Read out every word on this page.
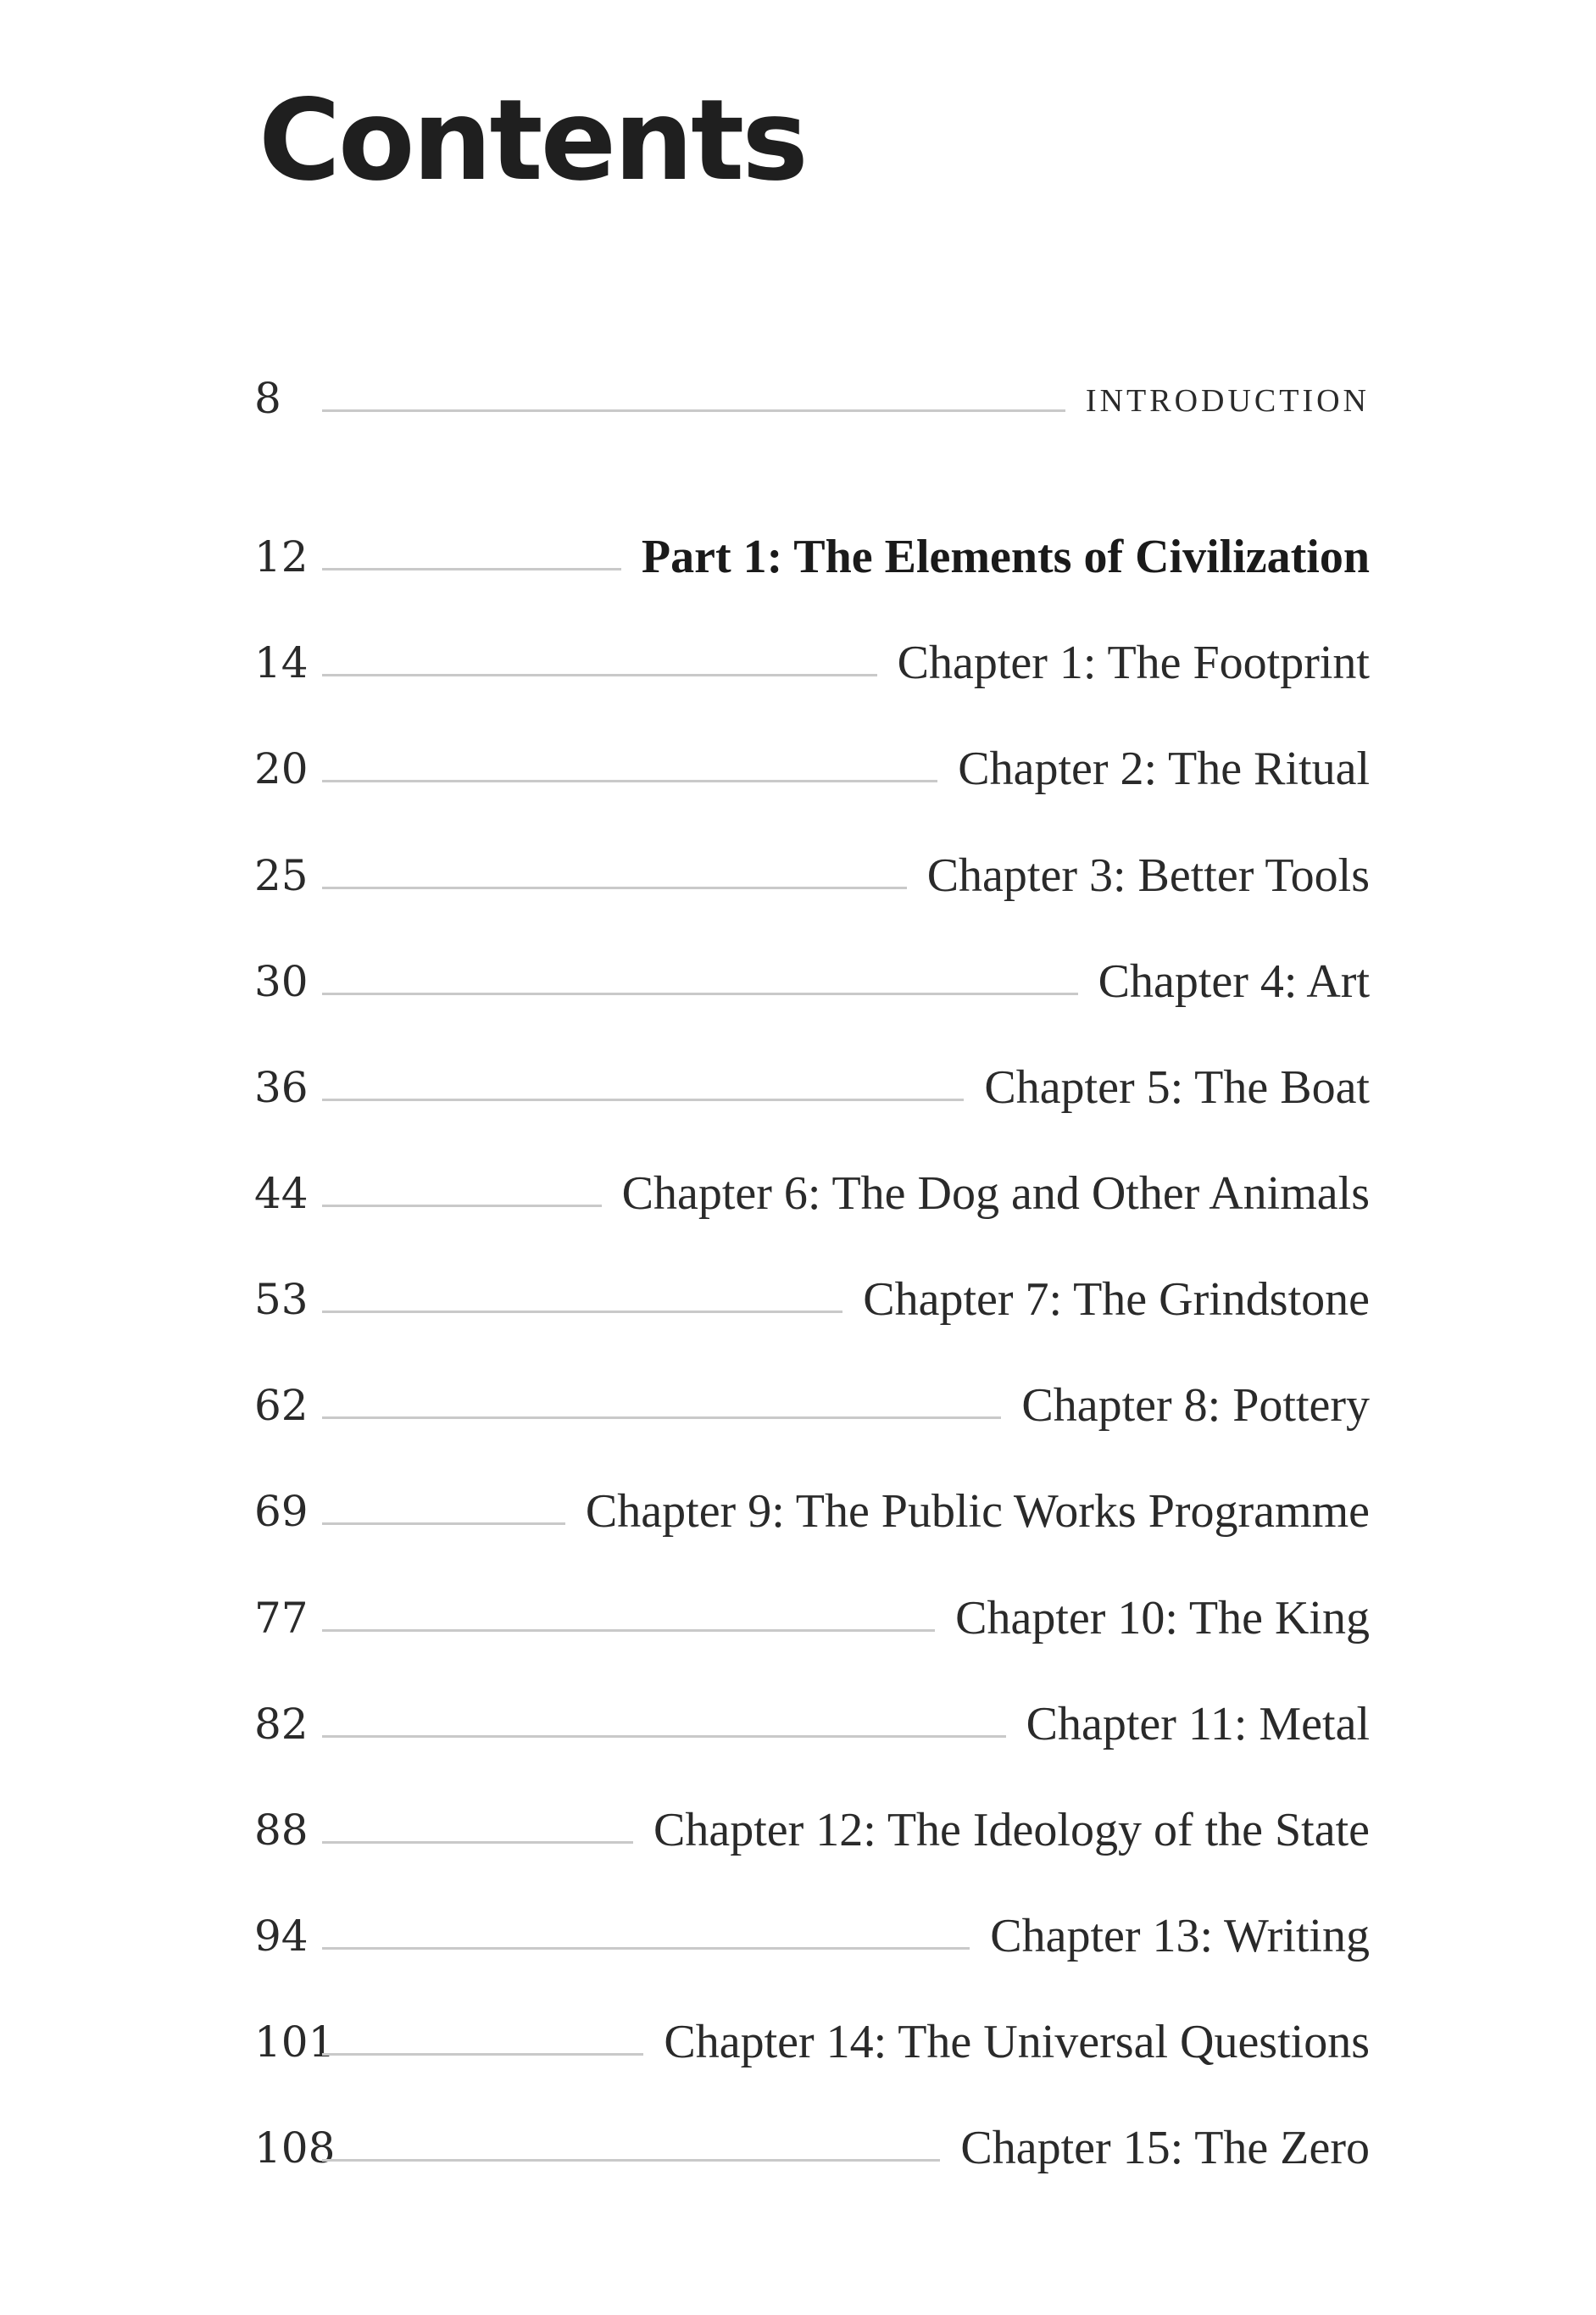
Contents
8	INTRODUCTION
12	Part 1: The Elements of Civilization
14	Chapter 1: The Footprint
20	Chapter 2: The Ritual
25	Chapter 3: Better Tools
30	Chapter 4: Art
36	Chapter 5: The Boat
44	Chapter 6: The Dog and Other Animals
53	Chapter 7: The Grindstone
62	Chapter 8: Pottery
69	Chapter 9: The Public Works Programme
77	Chapter 10: The King
82	Chapter 11: Metal
88	Chapter 12: The Ideology of the State
94	Chapter 13: Writing
101	Chapter 14: The Universal Questions
108	Chapter 15: The Zero
